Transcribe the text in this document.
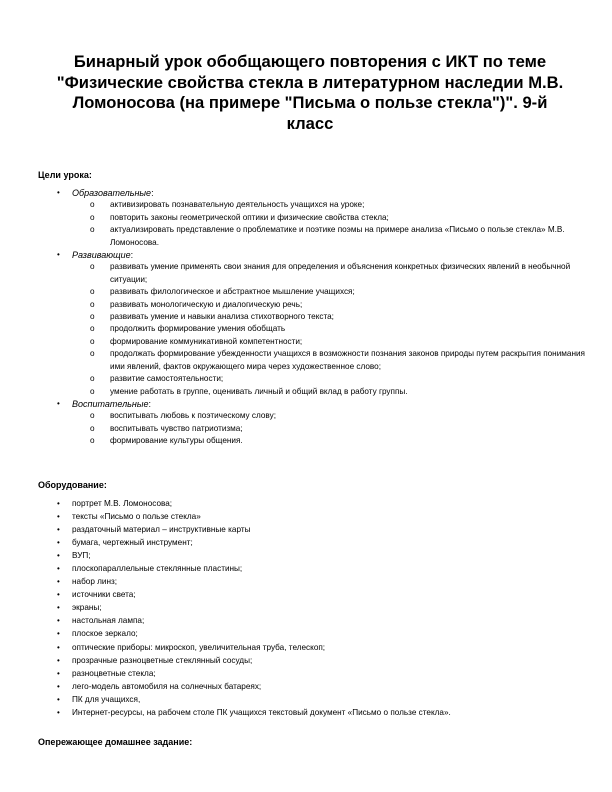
Бинарный урок обобщающего повторения с ИКТ по теме "Физические свойства стекла в литературном наследии М.В. Ломоносова (на примере "Письма о пользе стекла")". 9-й класс

Цели урока:

• Образовательные:
o активизировать познавательную деятельность учащихся на уроке;
o повторить законы геометрической оптики и физические свойства стекла;
o актуализировать представление о проблематике и поэтике поэмы на примере анализа «Письмо о пользе стекла» М.В. Ломоносова.
• Развивающие:
o развивать умение применять свои знания для определения и объяснения конкретных физических явлений в необычной ситуации;
o развивать филологическое и абстрактное мышление учащихся;
o развивать монологическую и диалогическую речь;
o развивать умение и навыки анализа стихотворного текста;
o продолжить формирование умения обобщать
o формирование коммуникативной компетентности;
o продолжать формирование убежденности учащихся в возможности познания законов природы путем раскрытия понимания ими явлений, фактов окружающего мира через художественное слово;
o развитие самостоятельности;
o умение работать в группе, оценивать личный и общий вклад в работу группы.
• Воспитательные:
o воспитывать любовь к поэтическому слову;
o воспитывать чувство патриотизма;
o формирование культуры общения.

Оборудование:

• портрет М.В. Ломоносова;
• тексты «Письмо о пользе стекла»
• раздаточный материал – инструктивные карты
• бумага, чертежный инструмент;
• ВУП;
• плоскопараллельные стеклянные пластины;
• набор линз;
• источники света;
• экраны;
• настольная лампа;
• плоское зеркало;
• оптические приборы: микроскоп, увеличительная труба, телескоп;
• прозрачные разноцветные стеклянный сосуды;
• разноцветные стекла;
• лего-модель автомобиля на солнечных батареях;
• ПК для учащихся,
• Интернет-ресурсы, на рабочем столе ПК учащихся текстовый документ «Письмо о пользе стекла».

Опережающее домашнее задание:
